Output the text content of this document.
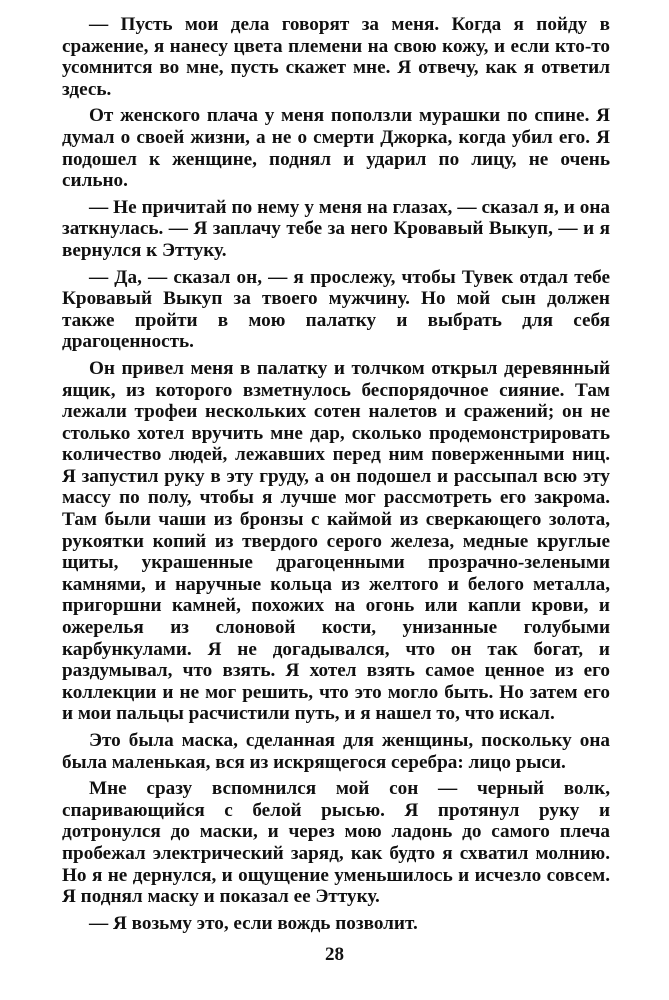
— Пусть мои дела говорят за меня. Когда я пойду в сражение, я нанесу цвета племени на свою кожу, и если кто-то усомнится во мне, пусть скажет мне. Я отвечу, как я ответил здесь.

От женского плача у меня поползли мурашки по спине. Я думал о своей жизни, а не о смерти Джорка, когда убил его. Я подошел к женщине, поднял и ударил по лицу, не очень сильно.

— Не причитай по нему у меня на глазах, — сказал я, и она заткнулась. — Я заплачу тебе за него Кровавый Выкуп, — и я вернулся к Эттуку.

— Да, — сказал он, — я прослежу, чтобы Тувек отдал тебе Кровавый Выкуп за твоего мужчину. Но мой сын должен также пройти в мою палатку и выбрать для себя драгоценность.

Он привел меня в палатку и толчком открыл деревянный ящик, из которого взметнулось беспорядочное сияние. Там лежали трофеи нескольких сотен налетов и сражений; он не столько хотел вручить мне дар, сколько продемонстрировать количество людей, лежавших перед ним поверженными ниц. Я запустил руку в эту груду, а он подошел и рассыпал всю эту массу по полу, чтобы я лучше мог рассмотреть его закрома. Там были чаши из бронзы с каймой из сверкающего золота, рукоятки копий из твердого серого железа, медные круглые щиты, украшенные драгоценными прозрачно-зелеными камнями, и наручные кольца из желтого и белого металла, пригоршни камней, похожих на огонь или капли крови, и ожерелья из слоновой кости, унизанные голубыми карбункулами. Я не догадывался, что он так богат, и раздумывал, что взять. Я хотел взять самое ценное из его коллекции и не мог решить, что это могло быть. Но затем его и мои пальцы расчистили путь, и я нашел то, что искал.

Это была маска, сделанная для женщины, поскольку она была маленькая, вся из искрящегося серебра: лицо рыси.

Мне сразу вспомнился мой сон — черный волк, спаривающийся с белой рысью. Я протянул руку и дотронулся до маски, и через мою ладонь до самого плеча пробежал электрический заряд, как будто я схватил молнию. Но я не дернулся, и ощущение уменьшилось и исчезло совсем. Я поднял маску и показал ее Эттуку.

— Я возьму это, если вождь позволит.

28
